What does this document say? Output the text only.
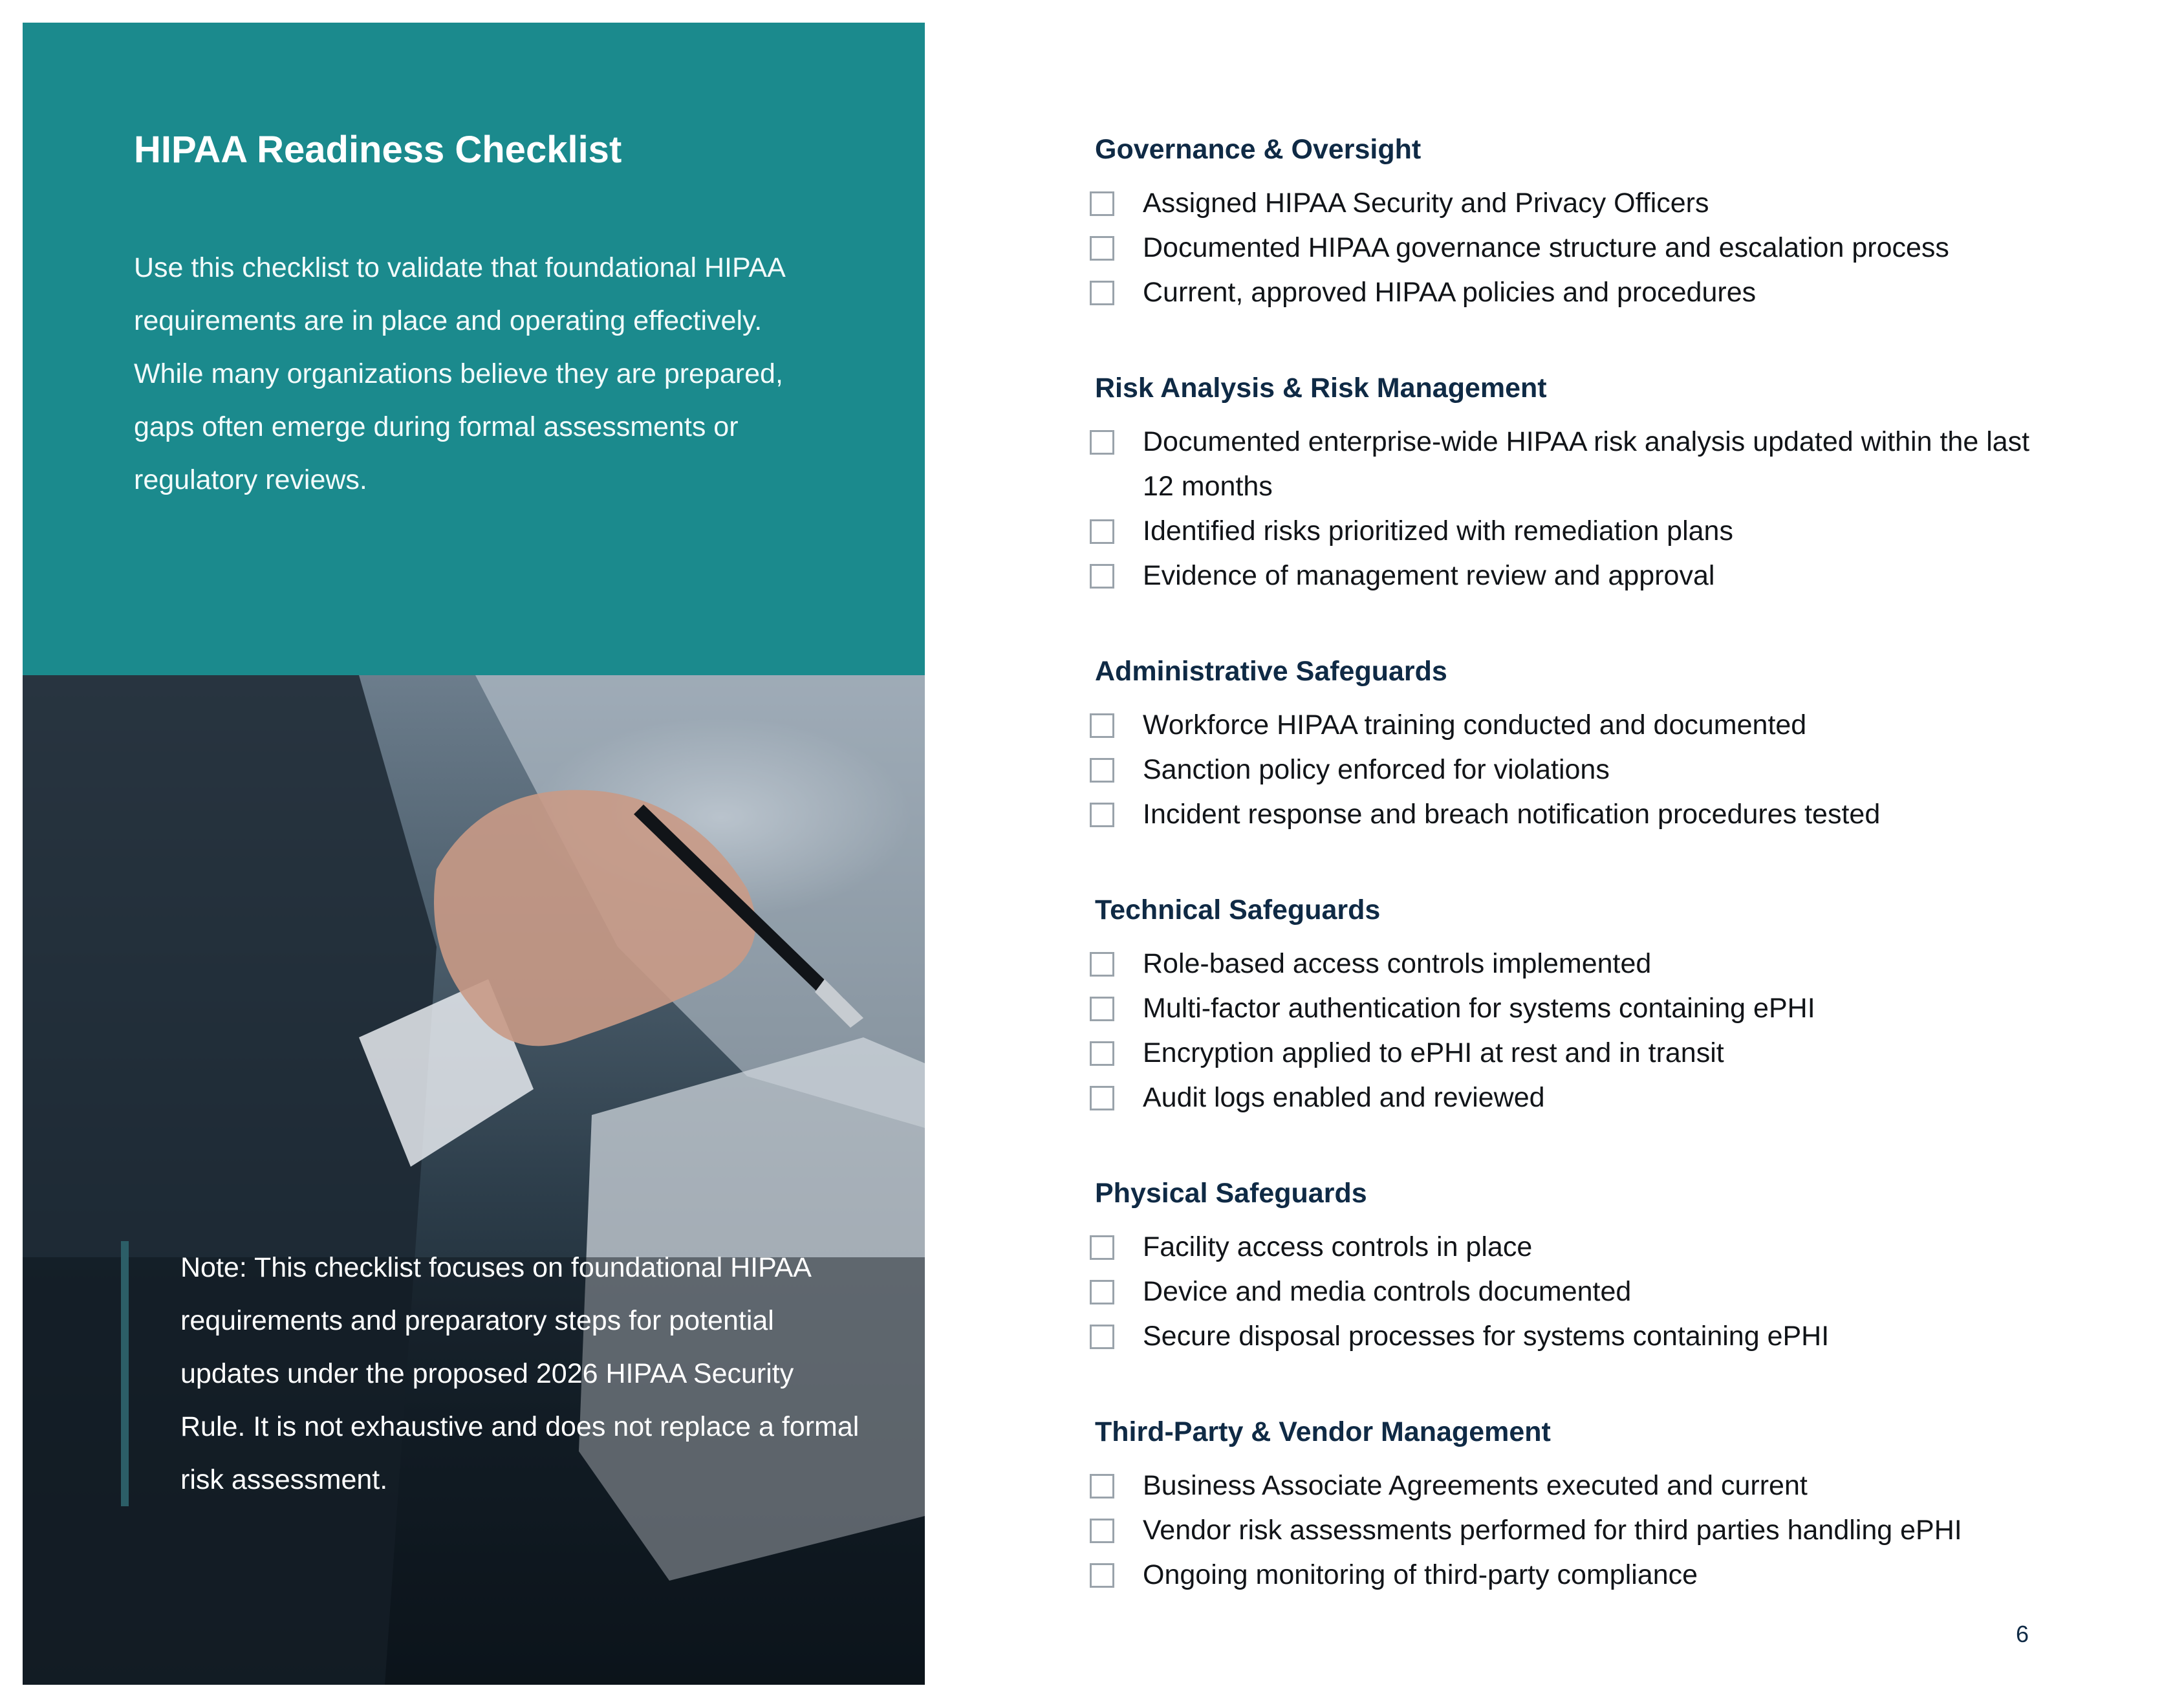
HIPAA Readiness Checklist

Use this checklist to validate that foundational HIPAA requirements are in place and operating effectively. While many organizations believe they are prepared, gaps often emerge during formal assessments or regulatory reviews.

Note: This checklist focuses on foundational HIPAA requirements and preparatory steps for potential updates under the proposed 2026 HIPAA Security Rule. It is not exhaustive and does not replace a formal risk assessment.

Governance & Oversight
Assigned HIPAA Security and Privacy Officers
Documented HIPAA governance structure and escalation process
Current, approved HIPAA policies and procedures
Risk Analysis & Risk Management
Documented enterprise-wide HIPAA risk analysis updated within the last 12 months
Identified risks prioritized with remediation plans
Evidence of management review and approval
Administrative Safeguards
Workforce HIPAA training conducted and documented
Sanction policy enforced for violations
Incident response and breach notification procedures tested
Technical Safeguards
Role-based access controls implemented
Multi-factor authentication for systems containing ePHI
Encryption applied to ePHI at rest and in transit
Audit logs enabled and reviewed
Physical Safeguards
Facility access controls in place
Device and media controls documented
Secure disposal processes for systems containing ePHI
Third-Party & Vendor Management
Business Associate Agreements executed and current
Vendor risk assessments performed for third parties handling ePHI
Ongoing monitoring of third-party compliance
6
